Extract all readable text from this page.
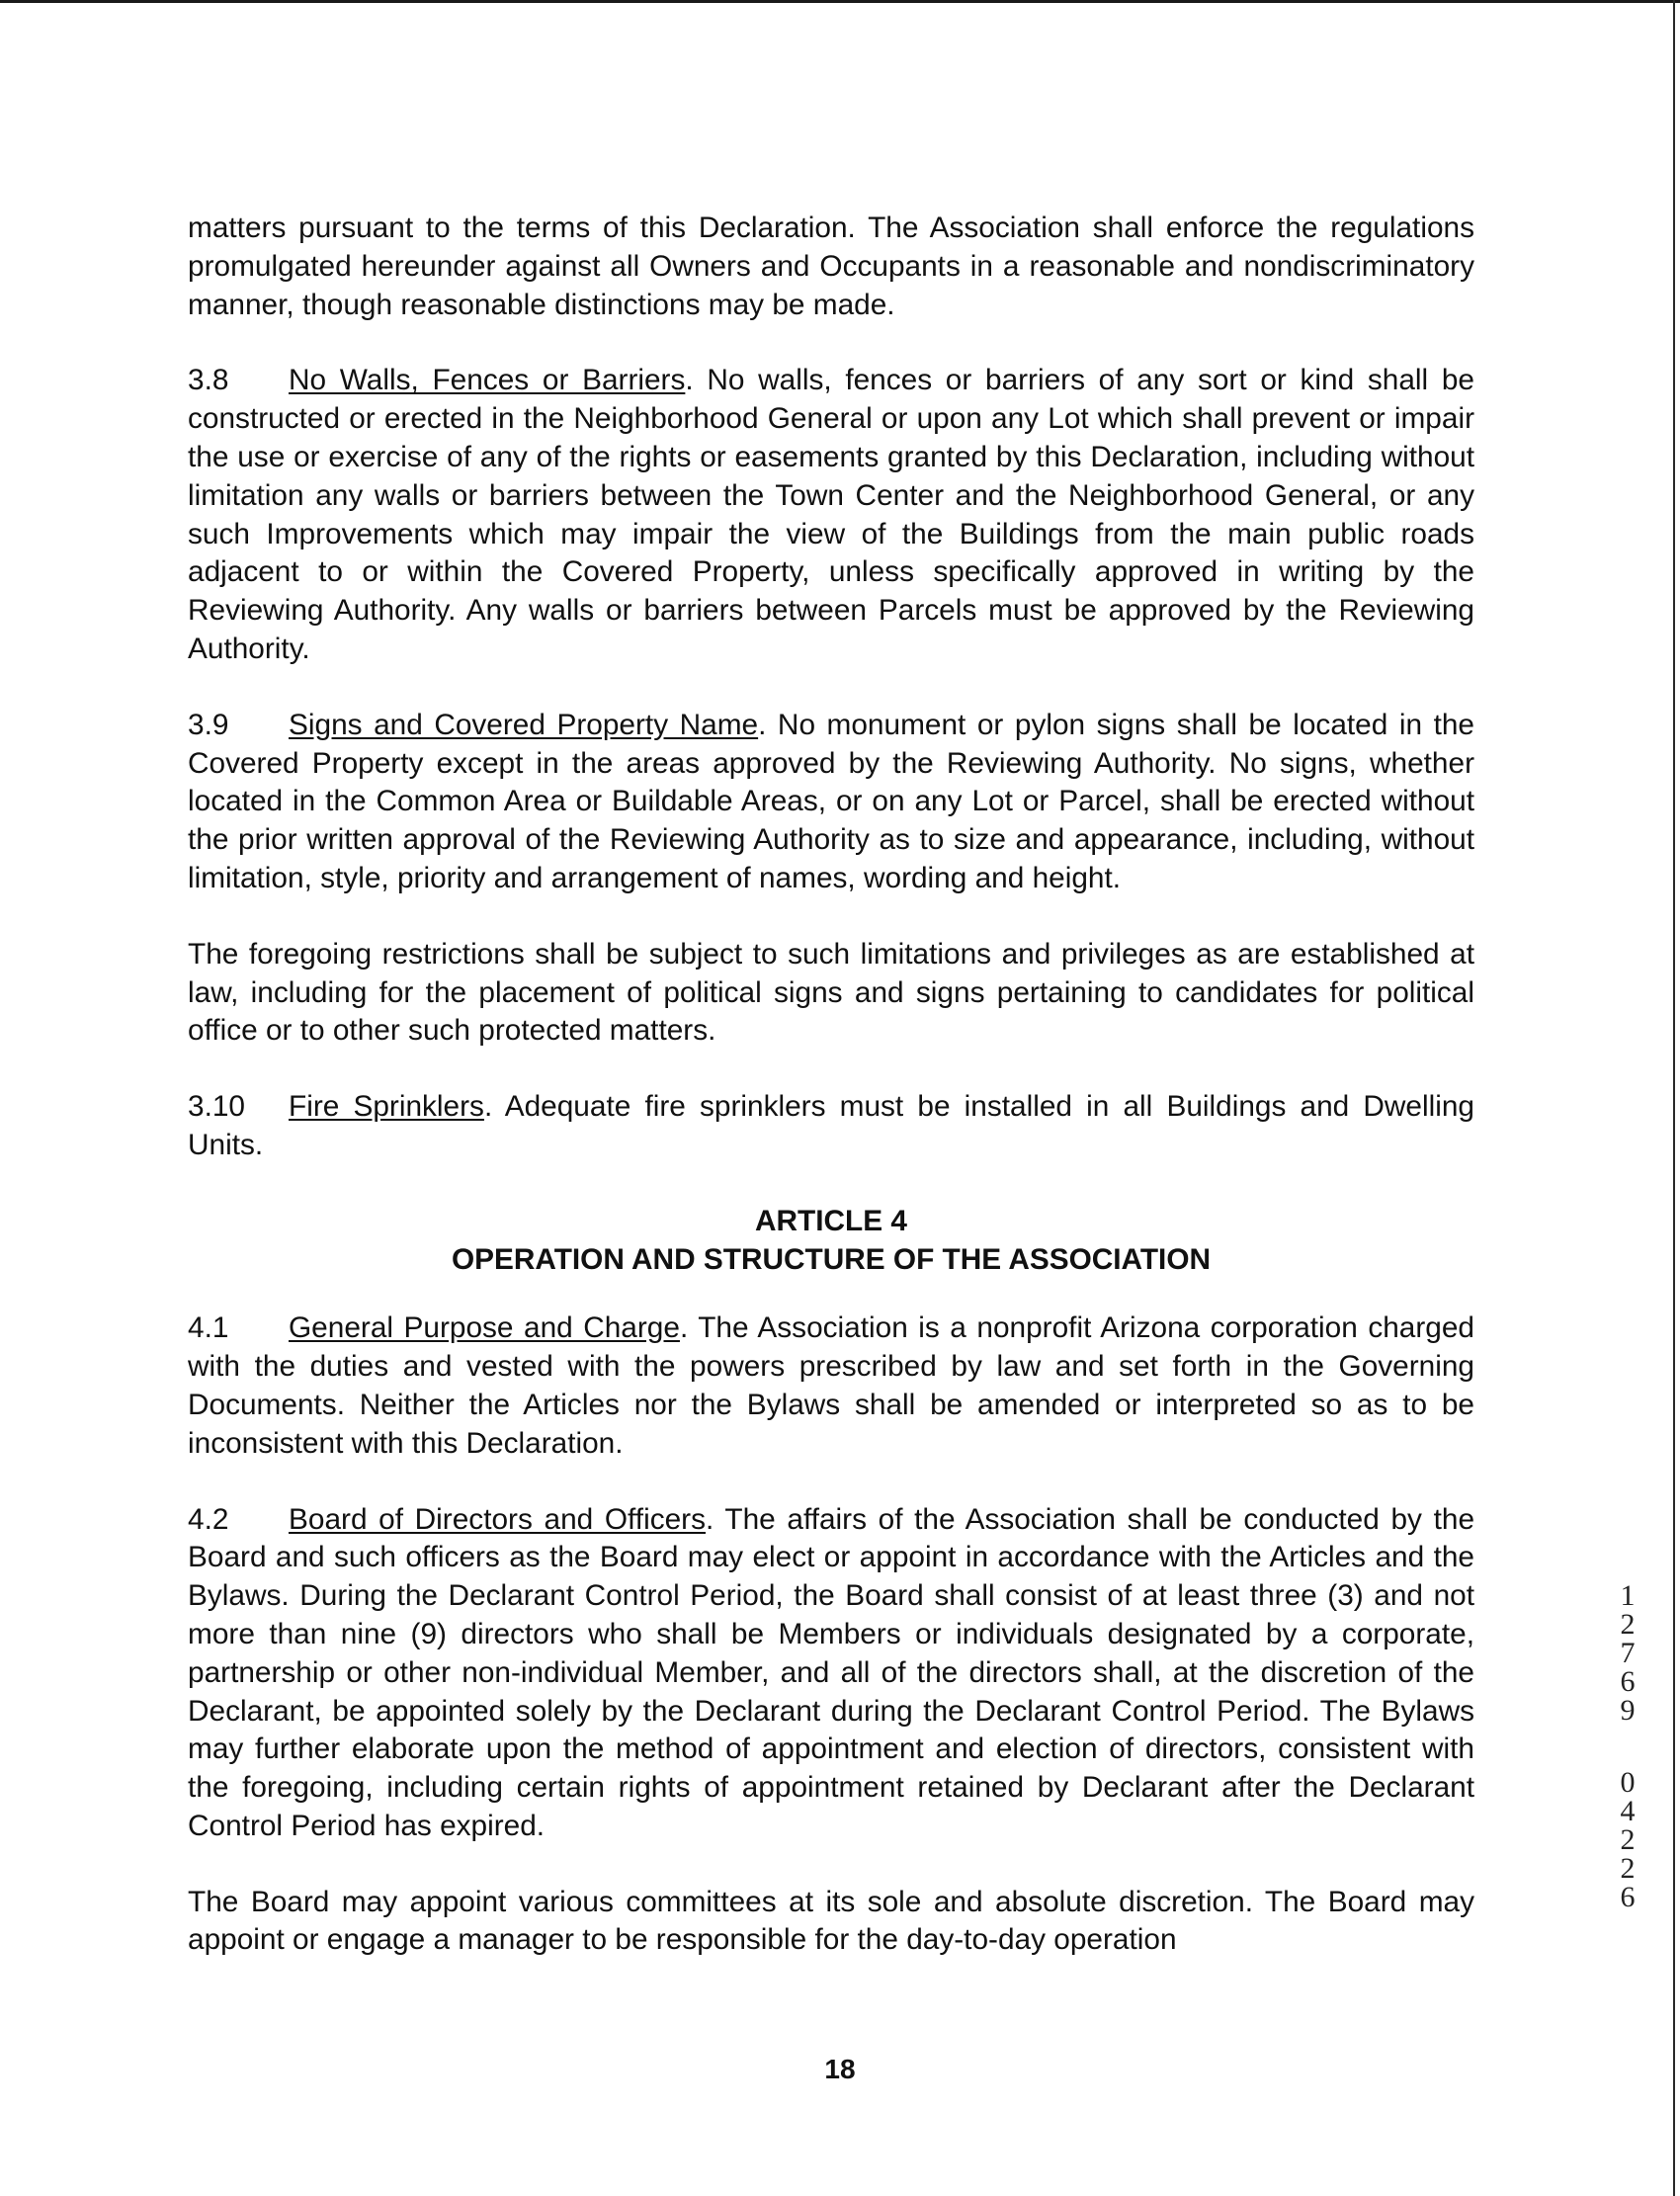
matters pursuant to the terms of this Declaration. The Association shall enforce the regulations promulgated hereunder against all Owners and Occupants in a reasonable and nondiscriminatory manner, though reasonable distinctions may be made.

3.8 No Walls, Fences or Barriers. No walls, fences or barriers of any sort or kind shall be constructed or erected in the Neighborhood General or upon any Lot which shall prevent or impair the use or exercise of any of the rights or easements granted by this Declaration, including without limitation any walls or barriers between the Town Center and the Neighborhood General, or any such Improvements which may impair the view of the Buildings from the main public roads adjacent to or within the Covered Property, unless specifically approved in writing by the Reviewing Authority. Any walls or barriers between Parcels must be approved by the Reviewing Authority.

3.9 Signs and Covered Property Name. No monument or pylon signs shall be located in the Covered Property except in the areas approved by the Reviewing Authority. No signs, whether located in the Common Area or Buildable Areas, or on any Lot or Parcel, shall be erected without the prior written approval of the Reviewing Authority as to size and appearance, including, without limitation, style, priority and arrangement of names, wording and height.

The foregoing restrictions shall be subject to such limitations and privileges as are established at law, including for the placement of political signs and signs pertaining to candidates for political office or to other such protected matters.

3.10 Fire Sprinklers. Adequate fire sprinklers must be installed in all Buildings and Dwelling Units.

ARTICLE 4
OPERATION AND STRUCTURE OF THE ASSOCIATION

4.1 General Purpose and Charge. The Association is a nonprofit Arizona corporation charged with the duties and vested with the powers prescribed by law and set forth in the Governing Documents. Neither the Articles nor the Bylaws shall be amended or interpreted so as to be inconsistent with this Declaration.

4.2 Board of Directors and Officers. The affairs of the Association shall be conducted by the Board and such officers as the Board may elect or appoint in accordance with the Articles and the Bylaws. During the Declarant Control Period, the Board shall consist of at least three (3) and not more than nine (9) directors who shall be Members or individuals designated by a corporate, partnership or other non-individual Member, and all of the directors shall, at the discretion of the Declarant, be appointed solely by the Declarant during the Declarant Control Period. The Bylaws may further elaborate upon the method of appointment and election of directors, consistent with the foregoing, including certain rights of appointment retained by Declarant after the Declarant Control Period has expired.

The Board may appoint various committees at its sole and absolute discretion. The Board may appoint or engage a manager to be responsible for the day-to-day operation

1
2
7
6
9
0
4
2
2
6
18
